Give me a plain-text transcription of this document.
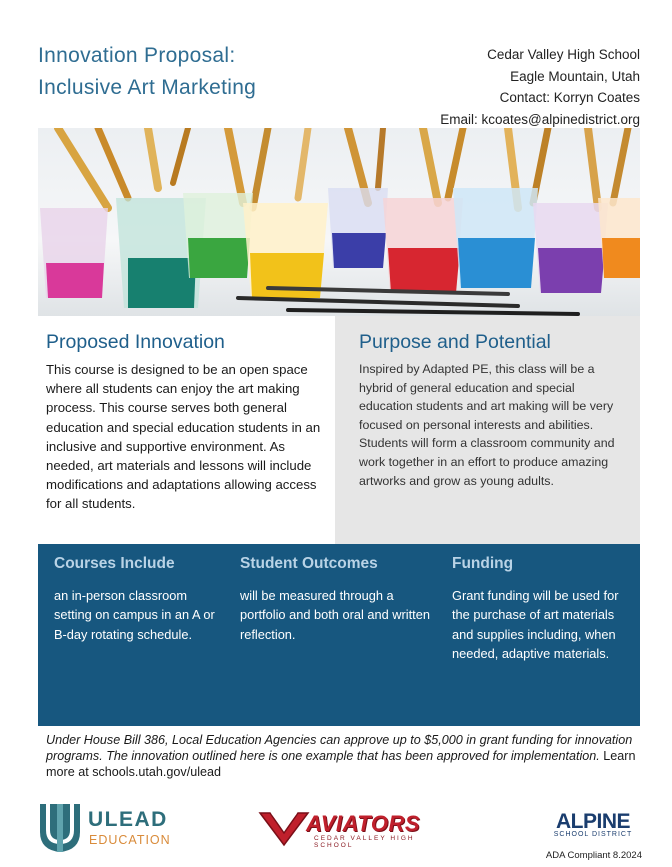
Innovation Proposal:
Inclusive Art Marketing
Cedar Valley High School
Eagle Mountain, Utah
Contact: Korryn Coates
Email: kcoates@alpinedistrict.org
Proposed Innovation

This course is designed to be an open space where all students can enjoy the art making process. This course serves both general education and special education students in an inclusive and supportive environment. As needed, art materials and lessons will include modifications and adaptations allowing access for all students.

Purpose and Potential

Inspired by Adapted PE, this class will be a hybrid of general education and special education students and art making will be very focused on personal interests and abilities. Students will form a classroom community and work together in an effort to produce amazing artworks and grow as young adults.

Courses Include
an in-person classroom setting on campus in an A or B-day rotating schedule.
Student Outcomes
will be measured through a portfolio and both oral and written reflection.
Funding
Grant funding will be used for the purchase of art materials and supplies including, when needed, adaptive materials.

Under House Bill 386, Local Education Agencies can approve up to $5,000 in grant funding for innovation programs. The innovation outlined here is one example that has been approved for implementation. Learn more at schools.utah.gov/ulead

ULEAD
EDUCATION
AVIATORS
CEDAR VALLEY HIGH SCHOOL
ALPINE
SCHOOL DISTRICT
ADA Compliant 8.2024
